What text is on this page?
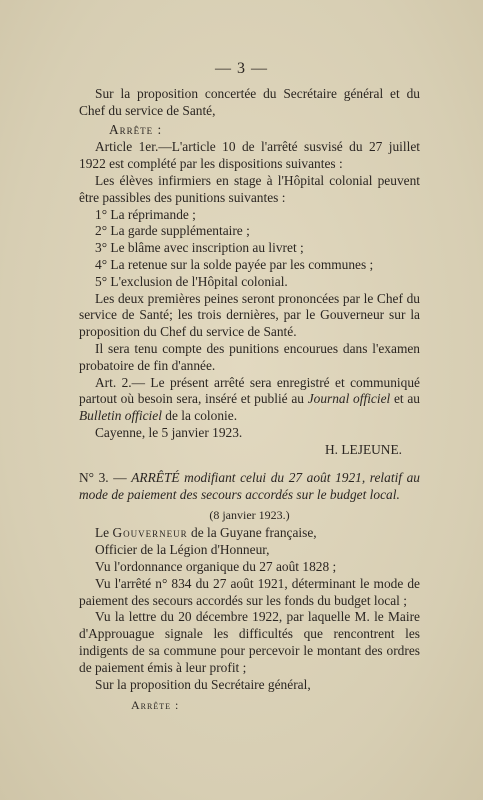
— 3 —
Sur la proposition concertée du Secrétaire général et du Chef du service de Santé,
Arrête :
Article 1er.—L'article 10 de l'arrêté susvisé du 27 juillet 1922 est complété par les dispositions suivantes :
Les élèves infirmiers en stage à l'Hôpital colonial peuvent être passibles des punitions suivantes :
1° La réprimande ;
2° La garde supplémentaire ;
3° Le blâme avec inscription au livret ;
4° La retenue sur la solde payée par les communes ;
5° L'exclusion de l'Hôpital colonial.
Les deux premières peines seront prononcées par le Chef du service de Santé; les trois dernières, par le Gouverneur sur la proposition du Chef du service de Santé.
Il sera tenu compte des punitions encourues dans l'examen probatoire de fin d'année.
Art. 2.— Le présent arrêté sera enregistré et communiqué partout où besoin sera, inséré et publié au Journal officiel et au Bulletin officiel de la colonie.
Cayenne, le 5 janvier 1923.
H. LEJEUNE.
N° 3. — ARRÊTÉ modifiant celui du 27 août 1921, relatif au mode de paiement des secours accordés sur le budget local.
(8 janvier 1923.)
Le Gouverneur de la Guyane française,
Officier de la Légion d'Honneur,
Vu l'ordonnance organique du 27 août 1828 ;
Vu l'arrêté n° 834 du 27 août 1921, déterminant le mode de paiement des secours accordés sur les fonds du budget local ;
Vu la lettre du 20 décembre 1922, par laquelle M. le Maire d'Approuague signale les difficultés que rencontrent les indigents de sa commune pour percevoir le montant des ordres de paiement émis à leur profit ;
Sur la proposition du Secrétaire général,
Arrête :
